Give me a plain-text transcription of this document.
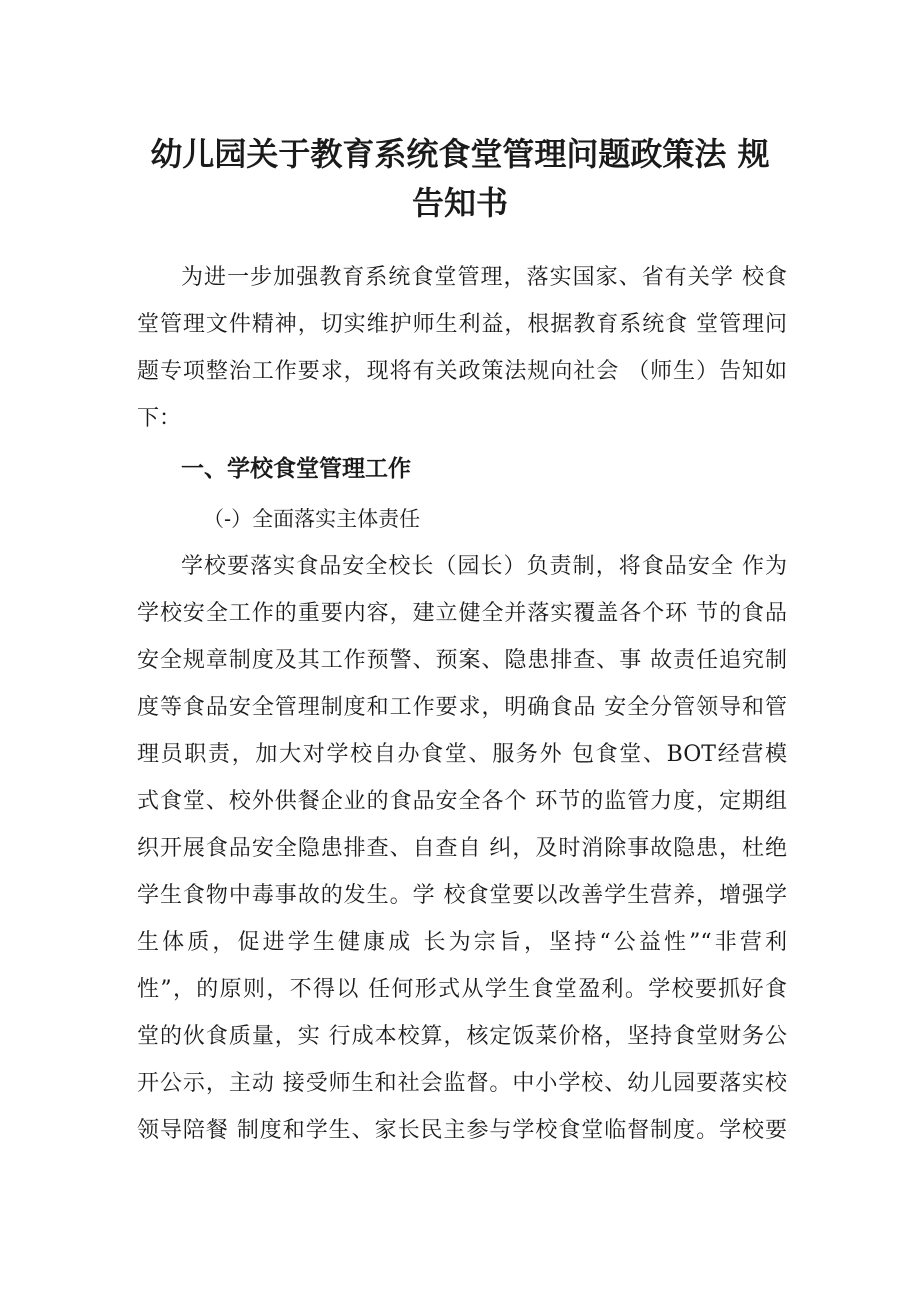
幼儿园关于教育系统食堂管理问题政策法 规
告知书
为进一步加强教育系统食堂管理，落实国家、省有关学 校食
堂管理文件精神，切实维护师生利益，根据教育系统食 堂管理问
题专项整治工作要求，现将有关政策法规向社会 （师生）告知如
下：
一、学校食堂管理工作
（-）全面落实主体责任
学校要落实食品安全校长（园长）负责制，将食品安全 作为
学校安全工作的重要内容，建立健全并落实覆盖各个环 节的食品
安全规章制度及其工作预警、预案、隐患排查、事 故责任追究制
度等食品安全管理制度和工作要求，明确食品 安全分管领导和管
理员职责，加大对学校自办食堂、服务外 包食堂、BOT经营模
式食堂、校外供餐企业的食品安全各个 环节的监管力度，定期组
织开展食品安全隐患排查、自查自 纠，及时消除事故隐患，杜绝
学生食物中毒事故的发生。学 校食堂要以改善学生营养，增强学
生体质，促进学生健康成 长为宗旨，坚持“公益性”“非营利
性”，的原则，不得以 任何形式从学生食堂盈利。学校要抓好食
堂的伙食质量，实 行成本校算，核定饭菜价格，坚持食堂财务公
开公示，主动 接受师生和社会监督。中小学校、幼儿园要落实校
领导陪餐 制度和学生、家长民主参与学校食堂临督制度。学校要
